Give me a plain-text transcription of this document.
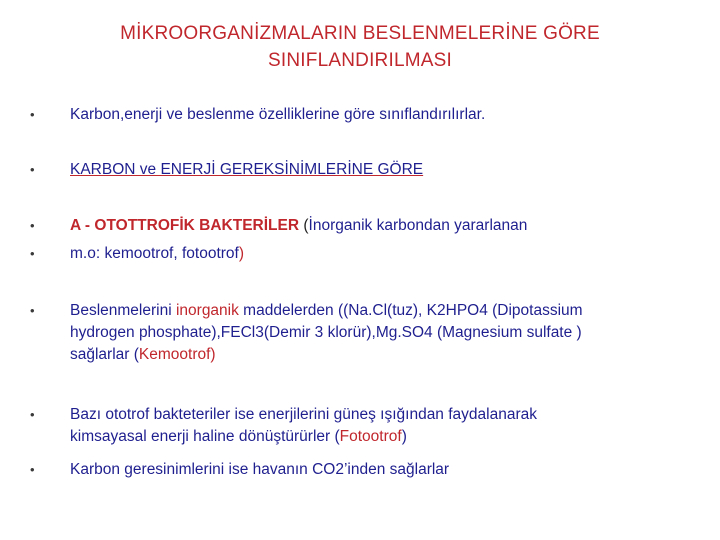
MİKROORGANİZMALARIN BESLENMELERİNE GÖRE
SINIFLANDIRILMASI
•	Karbon,enerji ve beslenme özelliklerine göre sınıflandırılırlar.
•	KARBON ve ENERJİ GEREKSİNİMLERİNE GÖRE
•	A - OTOTTROFİK BAKTERİLER (İnorganik karbondan yararlanan
•	m.o: kemootrof, fotootrof)
•	Beslenmelerini inorganik maddelerden ((Na.Cl(tuz), K2HPO4 (Dipotassium
hydrogen phosphate),FECl3(Demir 3 klorür),Mg.SO4 (Magnesium sulfate )
sağlarlar (Kemootrof)
•	Bazı ototrof bakteteriler ise enerjilerini güneş ışığından faydalanarak
kimsayasal enerji haline dönüştürürler (Fotootrof)
•	Karbon geresinimlerini ise havanın CO2’inden sağlarlar
